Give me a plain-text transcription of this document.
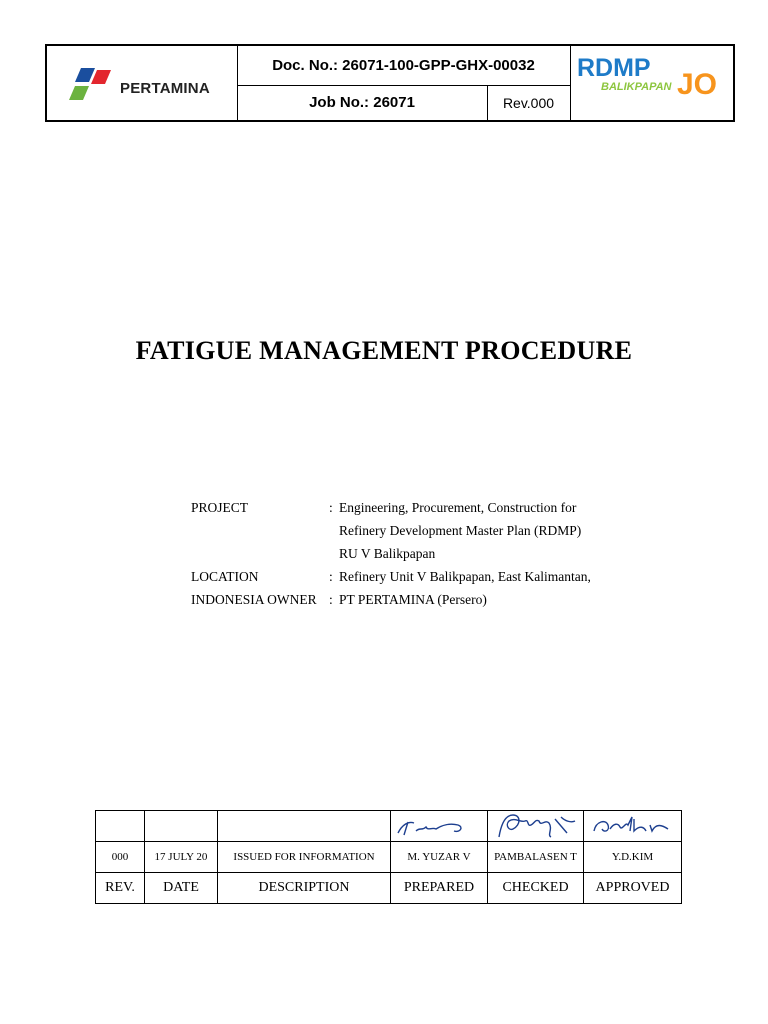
PERTAMINA
Doc. No.: 26071-100-GPP-GHX-00032
Job No.: 26071	Rev.000
RDMP
BALIKPAPAN JO
FATIGUE MANAGEMENT PROCEDURE
PROJECT	: Engineering, Procurement, Construction for
Refinery Development Master Plan (RDMP)
RU V Balikpapan
LOCATION	: Refinery Unit V Balikpapan, East Kalimantan,
INDONESIA OWNER : PT PERTAMINA (Persero)

000	17 JULY 20	ISSUED FOR INFORMATION	M. YUZAR V	PAMBALASEN T	Y.D.KIM
REV.	DATE	DESCRIPTION	PREPARED	CHECKED	APPROVED
